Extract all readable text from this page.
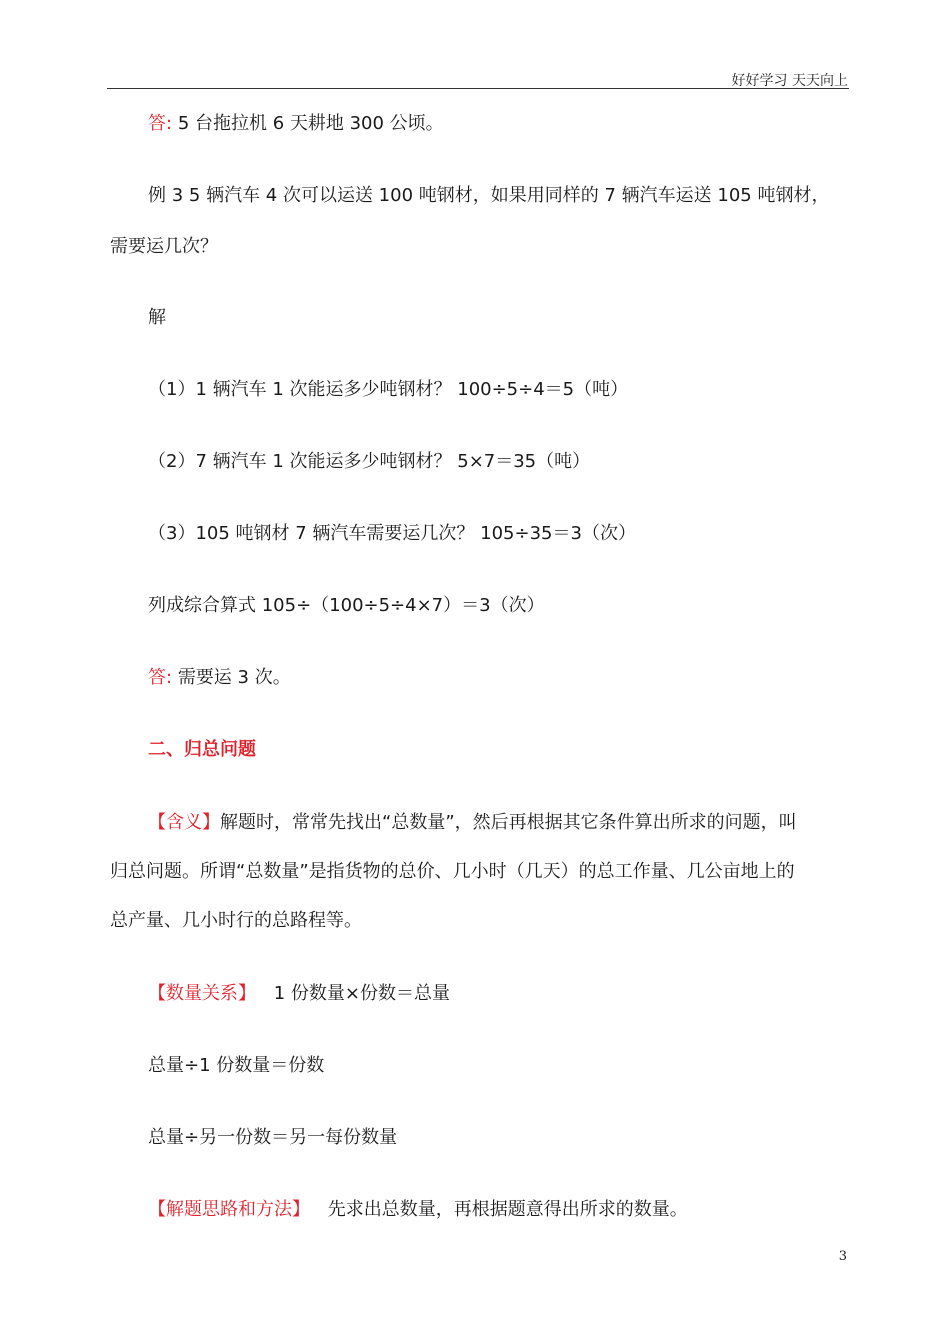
好好学习 天天向上
答: 5 台拖拉机 6 天耕地 300 公顷。
例 3 5 辆汽车 4 次可以运送 100 吨钢材，如果用同样的 7 辆汽车运送 105 吨钢材，
需要运几次？
解
（1）1 辆汽车 1 次能运多少吨钢材？ 100÷5÷4＝5（吨）
（2）7 辆汽车 1 次能运多少吨钢材？ 5×7＝35（吨）
（3）105 吨钢材 7 辆汽车需要运几次？ 105÷35＝3（次）
列成综合算式 105÷（100÷5÷4×7）＝3（次）
答: 需要运 3 次。
二、归总问题
【含义】解题时，常常先找出“总数量”，然后再根据其它条件算出所求的问题，叫
归总问题。所谓“总数量”是指货物的总价、几小时（几天）的总工作量、几公亩地上的
总产量、几小时行的总路程等。
【数量关系】 1 份数量×份数＝总量
总量÷1 份数量＝份数
总量÷另一份数＝另一每份数量
【解题思路和方法】 先求出总数量，再根据题意得出所求的数量。
3
